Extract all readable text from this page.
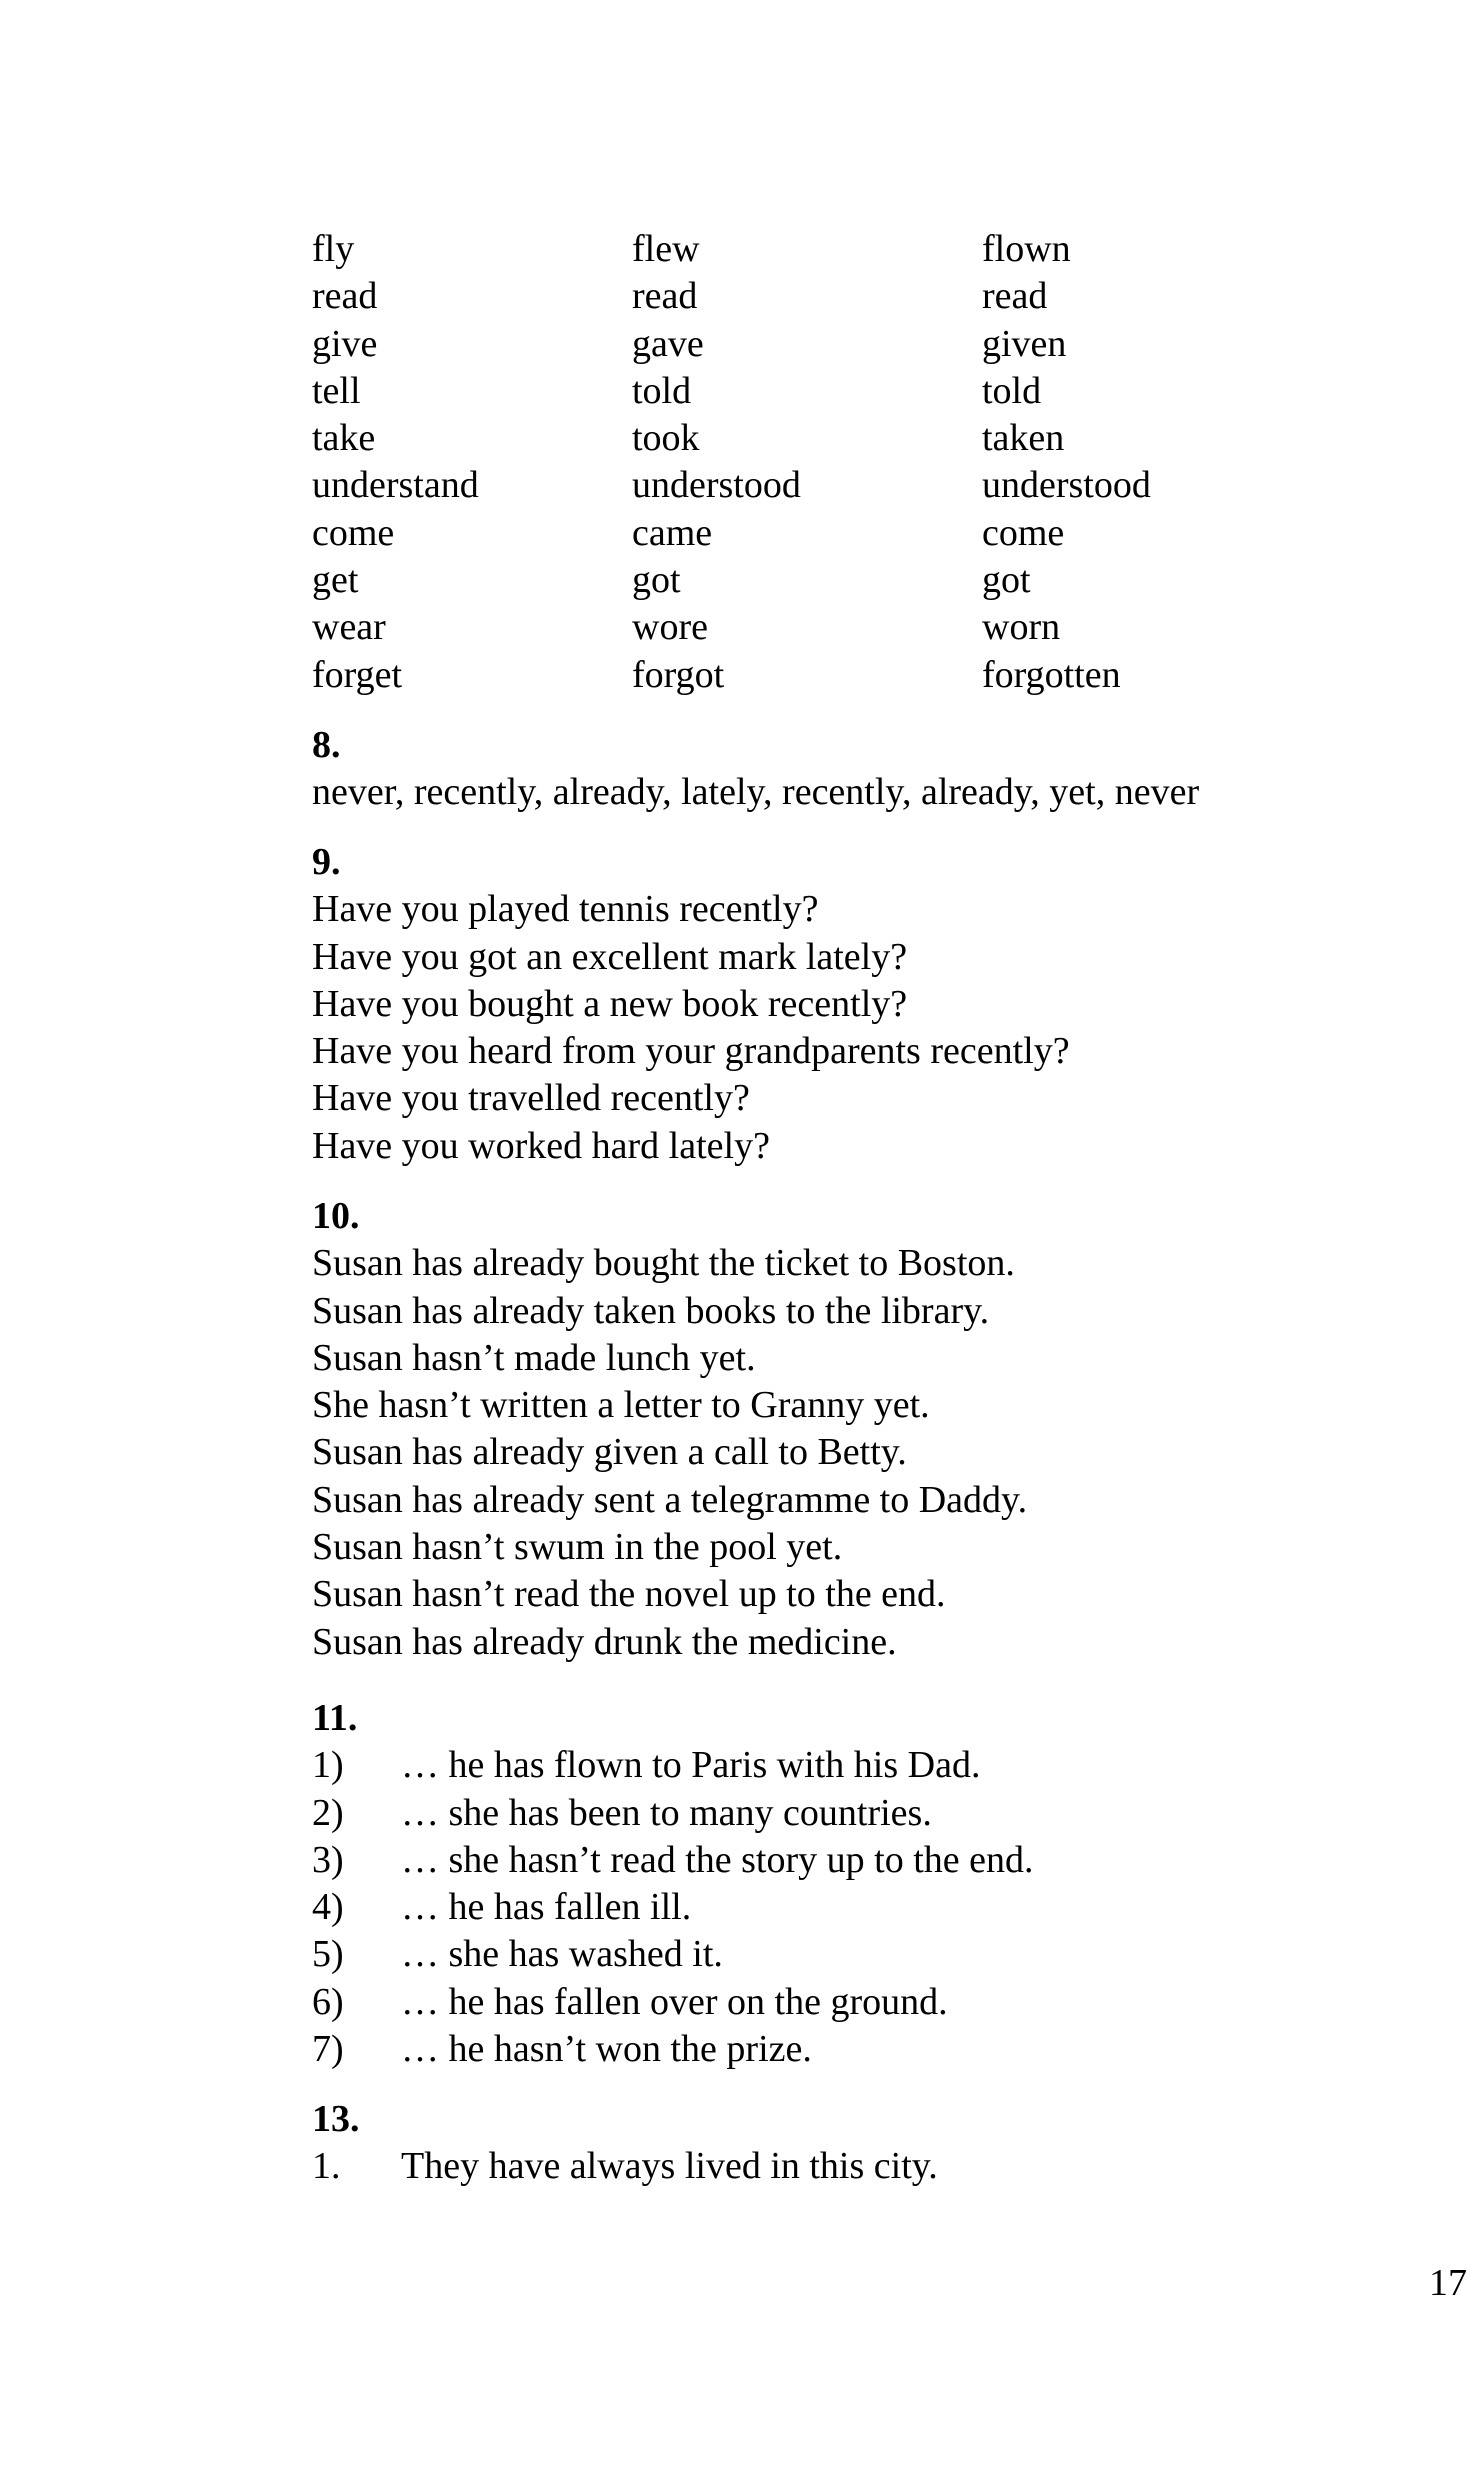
fly	flew	flown
read	read	read
give	gave	given
tell	told	told
take	took	taken
understand	understood	understood
come	came	come
get	got	got
wear	wore	worn
forget	forgot	forgotten
8.
never, recently, already, lately, recently, already, yet, never
9.
Have you played tennis recently?
Have you got an excellent mark lately?
Have you bought a new book recently?
Have you heard from your grandparents recently?
Have you travelled recently?
Have you worked hard lately?
10.
Susan has already bought the ticket to Boston.
Susan has already taken books to the library.
Susan hasn’t made lunch yet.
She hasn’t written a letter to Granny yet.
Susan has already given a call to Betty.
Susan has already sent a telegramme to Daddy.
Susan hasn’t swum in the pool yet.
Susan hasn’t read the novel up to the end.
Susan has already drunk the medicine.
11.
1) … he has flown to Paris with his Dad.
2) … she has been to many countries.
3) … she hasn’t read the story up to the end.
4) … he has fallen ill.
5) … she has washed it.
6) … he has fallen over on the ground.
7) … he hasn’t won the prize.
13.
1. They have always lived in this city.
17
